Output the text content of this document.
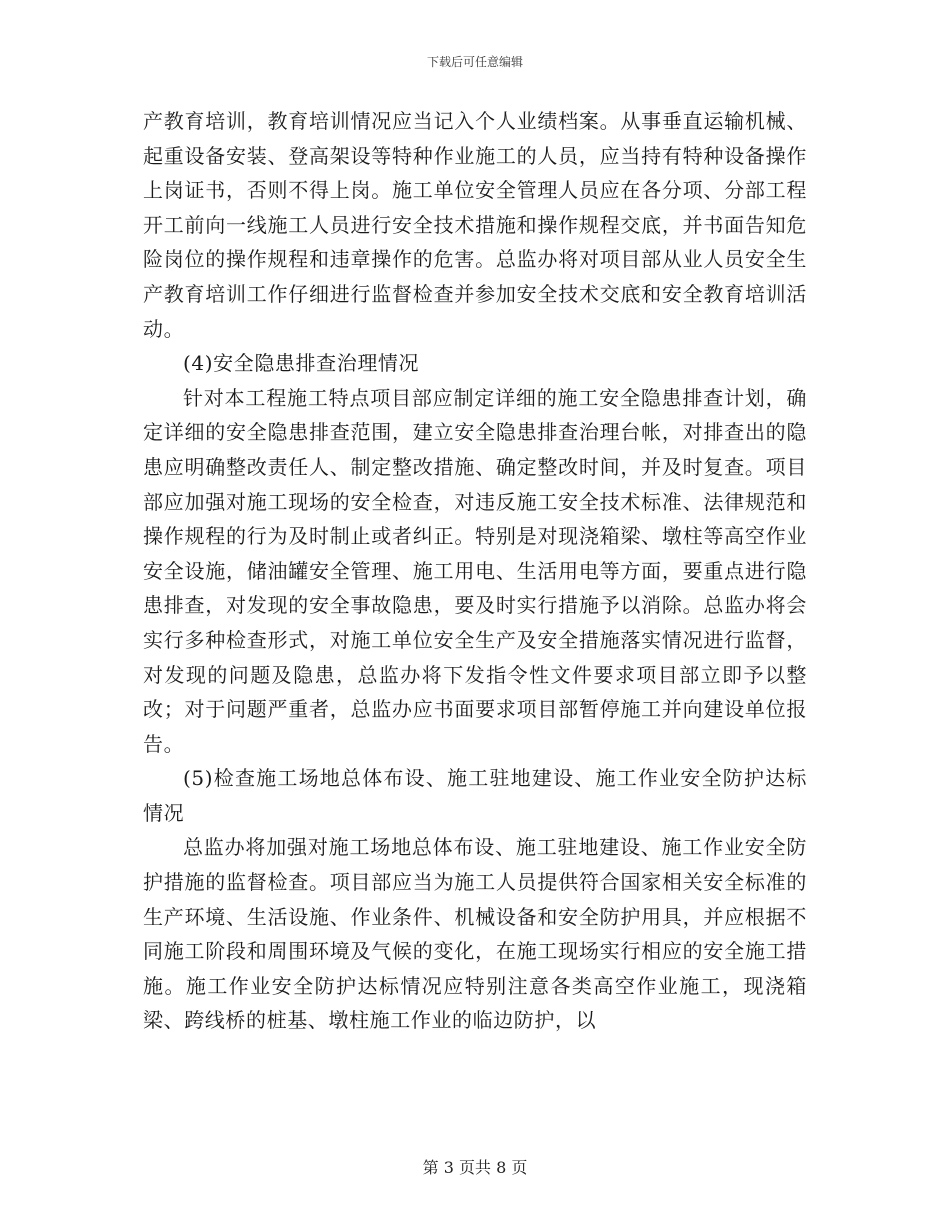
下载后可任意编辑

产教育培训，教育培训情况应当记入个人业绩档案。从事垂直运输机械、起重设备安装、登高架设等特种作业施工的人员，应当持有特种设备操作上岗证书，否则不得上岗。施工单位安全管理人员应在各分项、分部工程开工前向一线施工人员进行安全技术措施和操作规程交底，并书面告知危险岗位的操作规程和违章操作的危害。总监办将对项目部从业人员安全生产教育培训工作仔细进行监督检查并参加安全技术交底和安全教育培训活动。

(4)安全隐患排查治理情况

针对本工程施工特点项目部应制定详细的施工安全隐患排查计划，确定详细的安全隐患排查范围，建立安全隐患排查治理台帐，对排查出的隐患应明确整改责任人、制定整改措施、确定整改时间，并及时复查。项目部应加强对施工现场的安全检查，对违反施工安全技术标准、法律规范和操作规程的行为及时制止或者纠正。特别是对现浇箱梁、墩柱等高空作业安全设施，储油罐安全管理、施工用电、生活用电等方面，要重点进行隐患排查，对发现的安全事故隐患，要及时实行措施予以消除。总监办将会实行多种检查形式，对施工单位安全生产及安全措施落实情况进行监督，对发现的问题及隐患，总监办将下发指令性文件要求项目部立即予以整改；对于问题严重者，总监办应书面要求项目部暂停施工并向建设单位报告。

(5)检查施工场地总体布设、施工驻地建设、施工作业安全防护达标情况

总监办将加强对施工场地总体布设、施工驻地建设、施工作业安全防护措施的监督检查。项目部应当为施工人员提供符合国家相关安全标准的生产环境、生活设施、作业条件、机械设备和安全防护用具，并应根据不同施工阶段和周围环境及气候的变化，在施工现场实行相应的安全施工措施。施工作业安全防护达标情况应特别注意各类高空作业施工，现浇箱梁、跨线桥的桩基、墩柱施工作业的临边防护，以

第 3 页共 8 页
